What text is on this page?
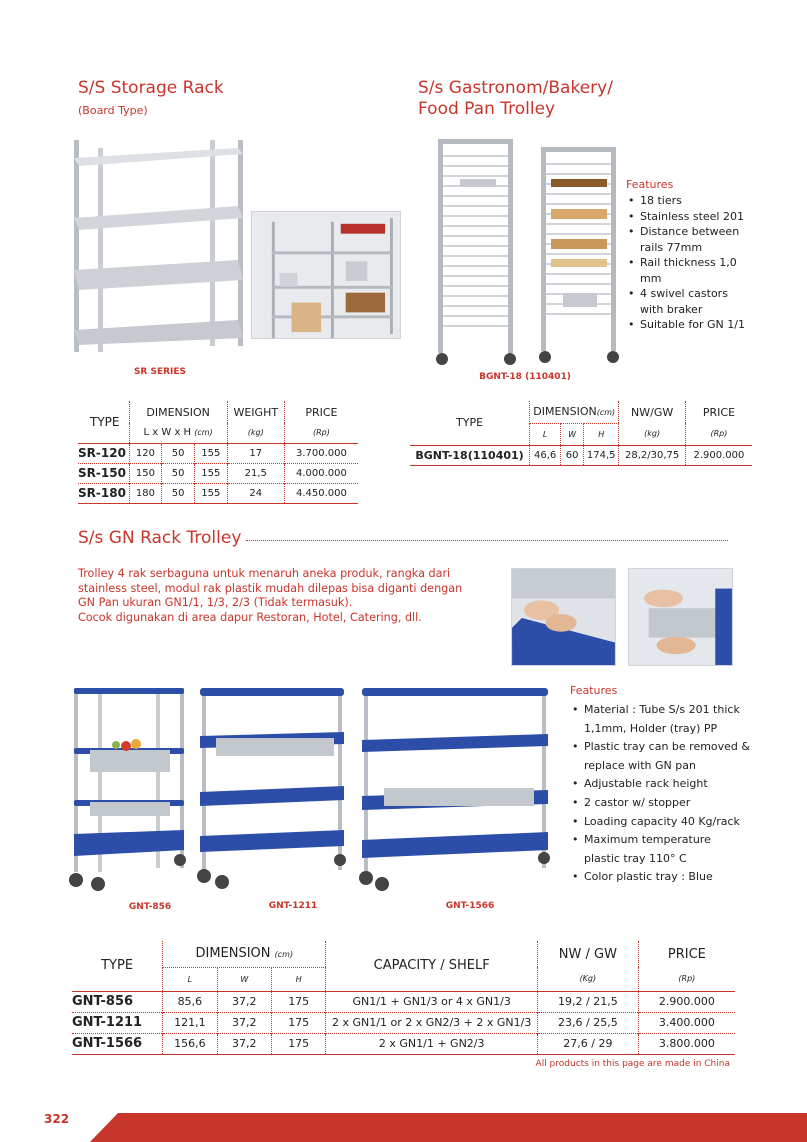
S/S Storage Rack
(Board Type)
SR SERIES
TYPE	DIMENSION			WEIGHT	PRICE
	L x W x H (cm)			(kg)	(Rp)
SR-120	120	50	155	17	3.700.000
SR-150	150	50	155	21,5	4.000.000
SR-180	180	50	155	24	4.450.000
S/s Gastronom/Bakery/
Food Pan Trolley
BGNT-18 (110401)
Features
• 18 tiers
• Stainless steel 201
• Distance between rails 77mm
• Rail thickness 1,0 mm
• 4 swivel castors with braker
• Suitable for GN 1/1
TYPE	DIMENSION(cm)			NW/GW	PRICE
	L	W	H	(kg)	(Rp)
BGNT-18(110401)	46,6	60	174,5	28,2/30,75	2.900.000
S/s GN Rack Trolley
Trolley 4 rak serbaguna untuk menaruh aneka produk, rangka dari
stainless steel, modul rak plastik mudah dilepas bisa diganti dengan
GN Pan ukuran GN1/1, 1/3, 2/3 (Tidak termasuk).
Cocok digunakan di area dapur Restoran, Hotel, Catering, dll.
GNT-856	GNT-1211	GNT-1566
Features
• Material : Tube S/s 201 thick 1,1mm, Holder (tray) PP
• Plastic tray can be removed & replace with GN pan
• Adjustable rack height
• 2 castor w/ stopper
• Loading capacity 40 Kg/rack
• Maximum temperature plastic tray 110° C
• Color plastic tray : Blue
TYPE	DIMENSION (cm)			CAPACITY / SHELF	NW / GW	PRICE
	L	W	H		(Kg)	(Rp)
GNT-856	85,6	37,2	175	GN1/1 + GN1/3 or 4 x GN1/3	19,2 / 21,5	2.900.000
GNT-1211	121,1	37,2	175	2 x GN1/1 or 2 x GN2/3 + 2 x GN1/3	23,6 / 25,5	3.400.000
GNT-1566	156,6	37,2	175	2 x GN1/1 + GN2/3	27,6 / 29	3.800.000
All products in this page are made in China
322
